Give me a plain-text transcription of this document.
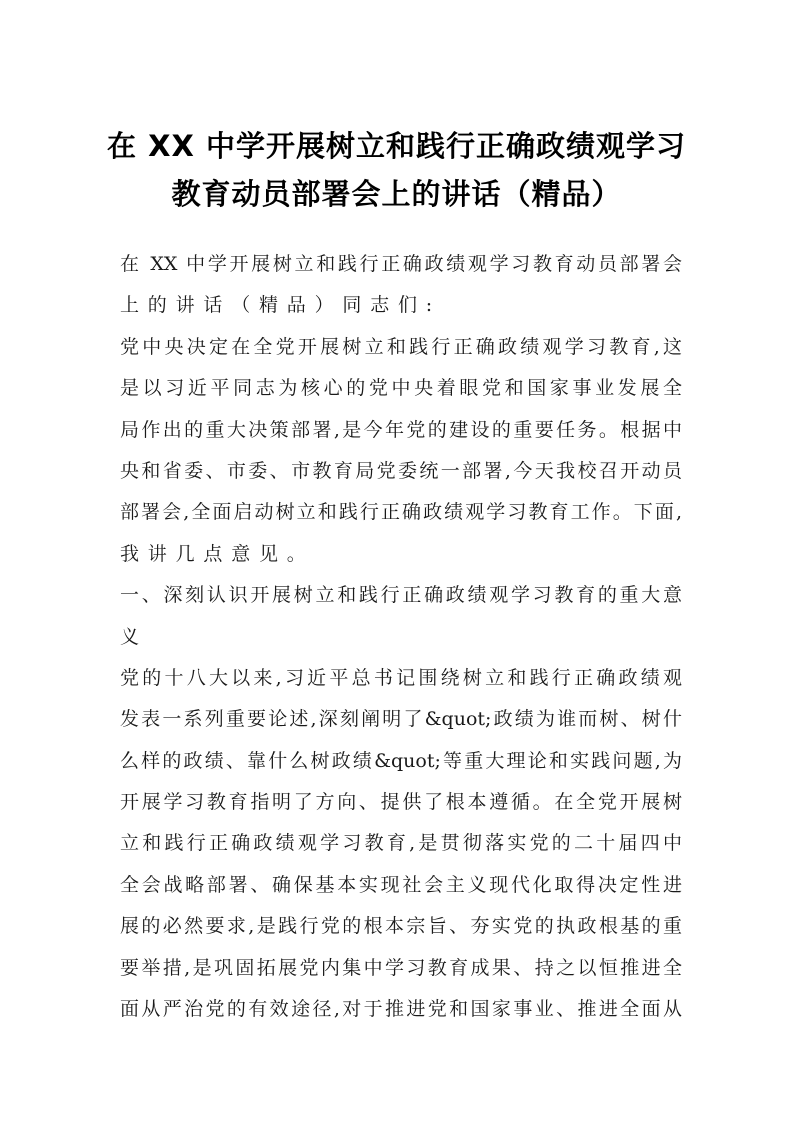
在 XX 中学开展树立和践行正确政绩观学习
教育动员部署会上的讲话（精品）
在 XX 中学开展树立和践行正确政绩观学习教育动员部署会
上的讲话（精品）同志们:
党中央决定在全党开展树立和践行正确政绩观学习教育,这
是以习近平同志为核心的党中央着眼党和国家事业发展全
局作出的重大决策部署,是今年党的建设的重要任务。根据中
央和省委、市委、市教育局党委统一部署,今天我校召开动员
部署会,全面启动树立和践行正确政绩观学习教育工作。下面,
我讲几点意见。
一、深刻认识开展树立和践行正确政绩观学习教育的重大意
义
党的十八大以来,习近平总书记围绕树立和践行正确政绩观
发表一系列重要论述,深刻阐明了&quot;政绩为谁而树、树什
么样的政绩、靠什么树政绩&quot;等重大理论和实践问题,为
开展学习教育指明了方向、提供了根本遵循。在全党开展树
立和践行正确政绩观学习教育,是贯彻落实党的二十届四中
全会战略部署、确保基本实现社会主义现代化取得决定性进
展的必然要求,是践行党的根本宗旨、夯实党的执政根基的重
要举措,是巩固拓展党内集中学习教育成果、持之以恒推进全
面从严治党的有效途径,对于推进党和国家事业、推进全面从
